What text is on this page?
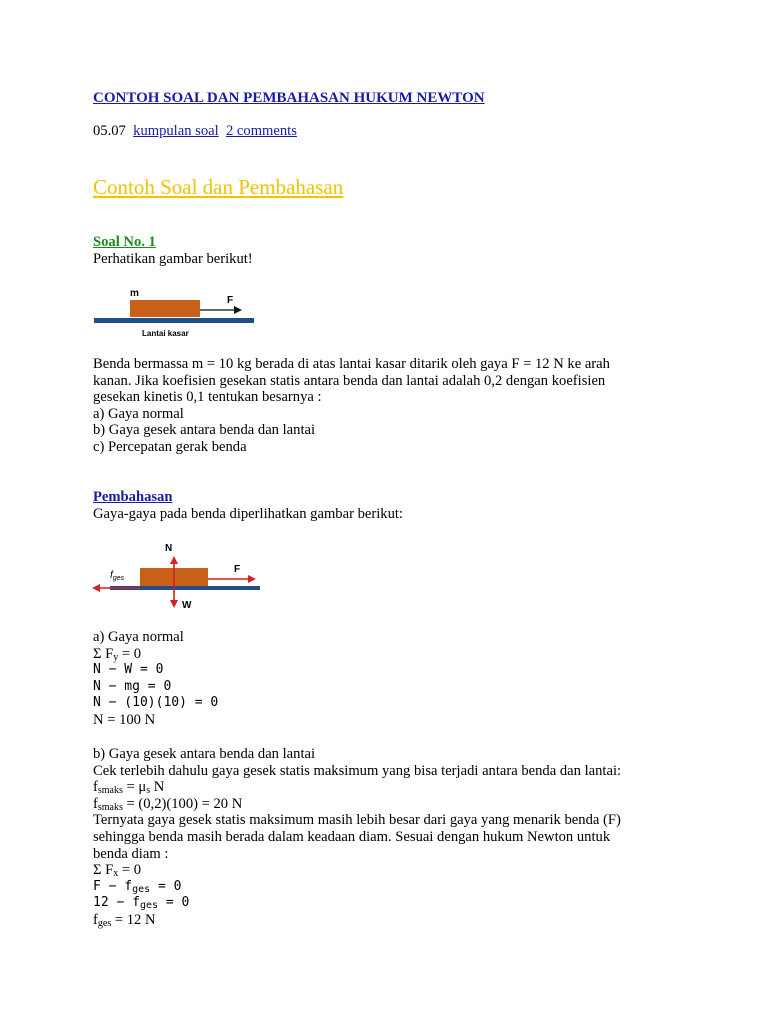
CONTOH SOAL DAN PEMBAHASAN HUKUM NEWTON
05.07 kumpulan soal 2 comments
Contoh Soal dan Pembahasan
Soal No. 1
Perhatikan gambar berikut!
m
F
Lantai kasar
Benda bermassa m = 10 kg berada di atas lantai kasar ditarik oleh gaya F = 12 N ke arah
kanan. Jika koefisien gesekan statis antara benda dan lantai adalah 0,2 dengan koefisien
gesekan kinetis 0,1 tentukan besarnya :
a) Gaya normal
b) Gaya gesek antara benda dan lantai
c) Percepatan gerak benda
Pembahasan
Gaya-gaya pada benda diperlihatkan gambar berikut:
N
W
F
$f_{ges}$
a) Gaya normal
Σ $F_y = 0$
N − W = 0
N − mg = 0
N − (10)(10) = 0
N = 100 N
b) Gaya gesek antara benda dan lantai
Cek terlebih dahulu gaya gesek statis maksimum yang bisa terjadi antara benda dan lantai:
$f_{smaks} = \mu_s$ N
$f_{smaks} = (0,2)(100) = 20$ N
Ternyata gaya gesek statis maksimum masih lebih besar dari gaya yang menarik benda (F)
sehingga benda masih berada dalam keadaan diam. Sesuai dengan hukum Newton untuk
benda diam :
Σ $F_x = 0$
$F - f_{ges} = 0$
$12 - f_{ges} = 0$
$f_{ges} = 12$ N
